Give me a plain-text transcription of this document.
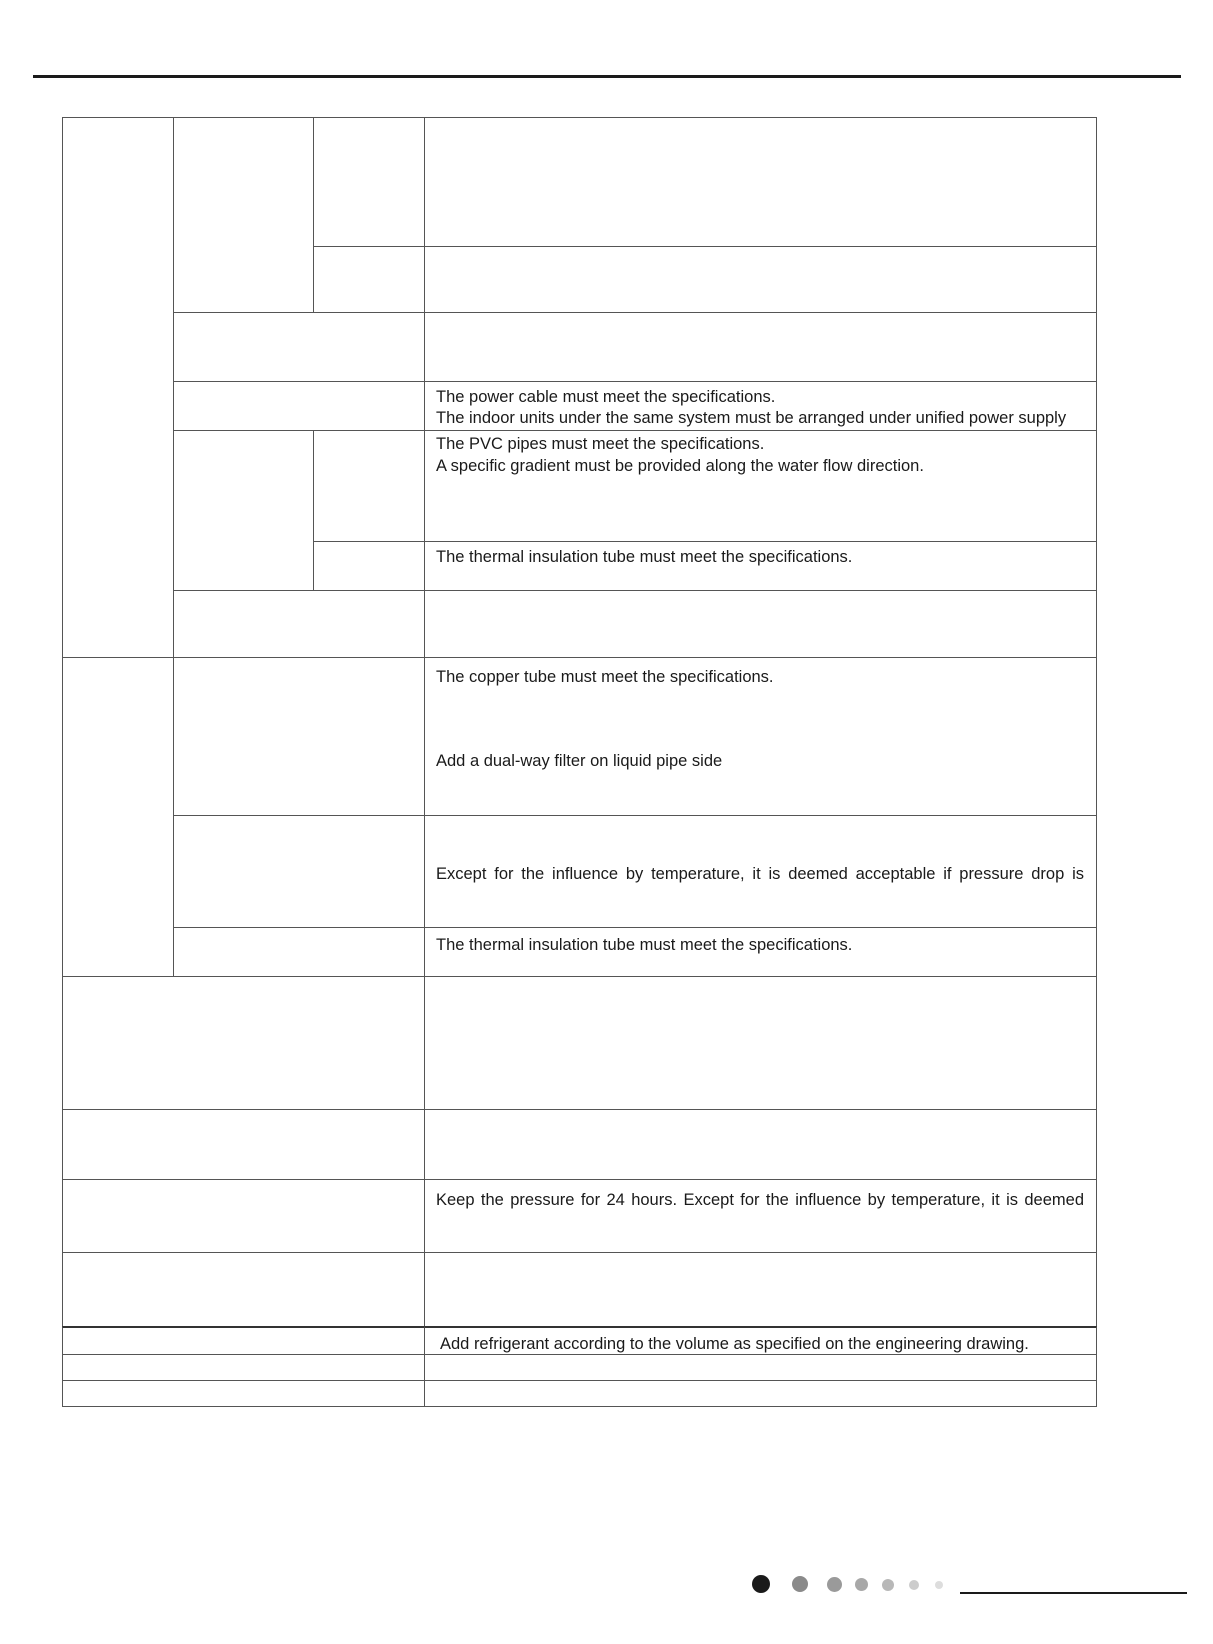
The power cable must meet the specifications.
The indoor units under the same system must be arranged under unified power supply
The PVC pipes must meet the specifications.
A specific gradient must be provided along the water flow direction.
The thermal insulation tube must meet the specifications.
The copper tube must meet the specifications.
Add a dual-way filter on liquid pipe side
Except for the influence by temperature, it is deemed acceptable if pressure drop is
The thermal insulation tube must meet the specifications.
Keep the pressure for 24 hours. Except for the influence by temperature, it is deemed
Add refrigerant according to the volume as specified on the engineering drawing.
